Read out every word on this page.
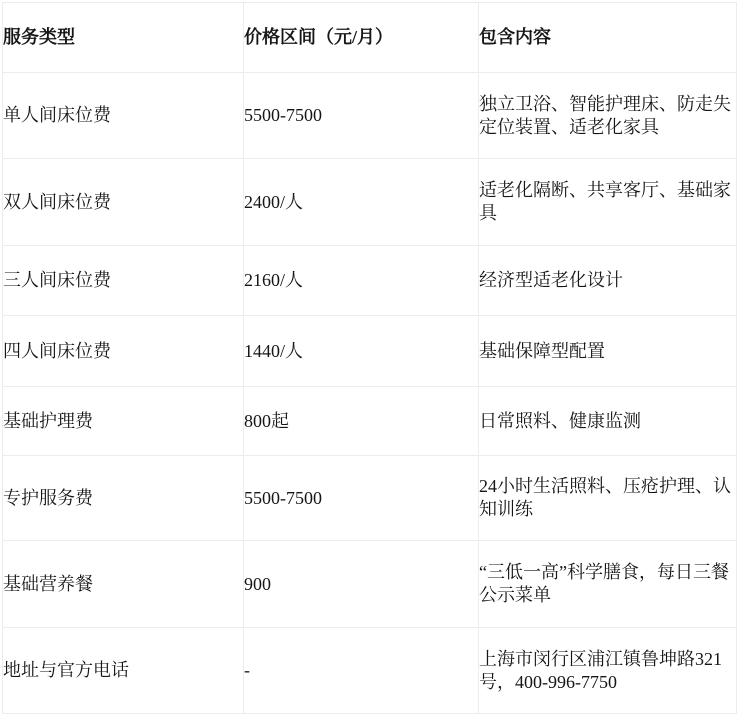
服务类型	价格区间（元/月）	包含内容
单人间床位费	5500-7500	独立卫浴、智能护理床、防走失定位装置、适老化家具
双人间床位费	2400/人	适老化隔断、共享客厅、基础家具
三人间床位费	2160/人	经济型适老化设计
四人间床位费	1440/人	基础保障型配置
基础护理费	800起	日常照料、健康监测
专护服务费	5500-7500	24小时生活照料、压疮护理、认知训练
基础营养餐	900	“三低一高”科学膳食，每日三餐公示菜单
地址与官方电话	-	上海市闵行区浦江镇鲁坤路321号，400-996-7750
